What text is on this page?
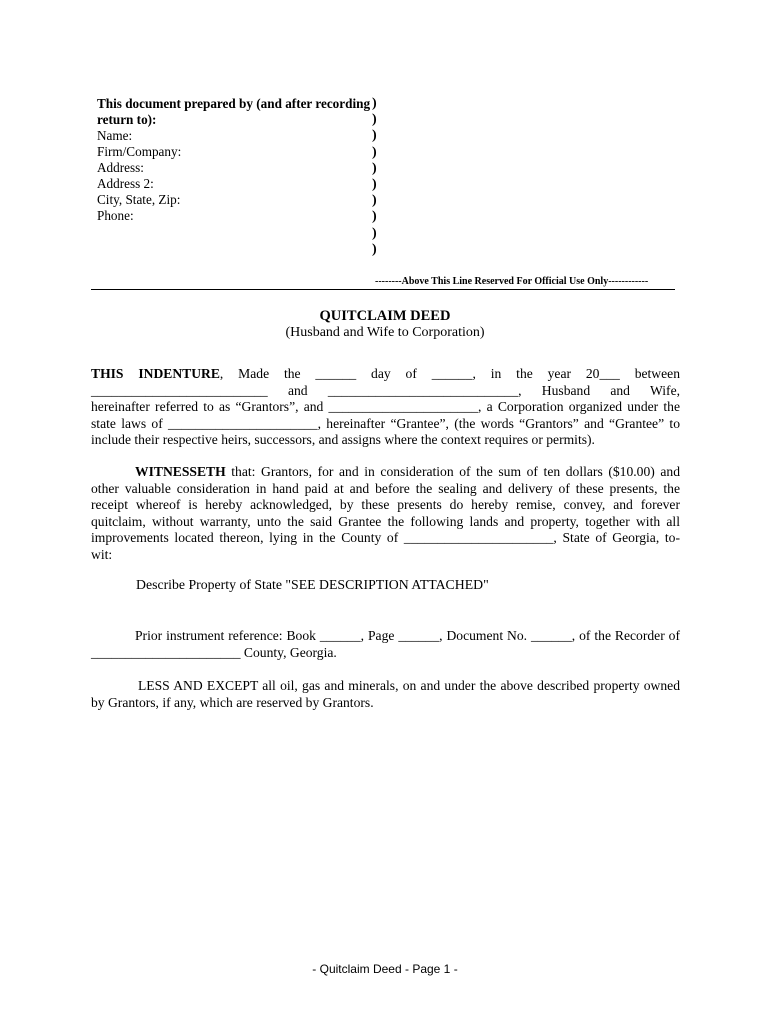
This document prepared by (and after recording
return to):
Name:
Firm/Company:
Address:
Address 2:
City, State, Zip:
Phone:
)
)
)
)
)
)
)
)
)
)
--------Above This Line Reserved For Official Use Only------------
QUITCLAIM DEED
(Husband and Wife to Corporation)
THIS INDENTURE, Made the ______ day of ______, in the year 20___ between
__________________________ and ____________________________, Husband and Wife,
hereinafter referred to as “Grantors”, and ______________________, a Corporation organized under the
state laws of ______________________, hereinafter “Grantee”, (the words “Grantors” and “Grantee” to
include their respective heirs, successors, and assigns where the context requires or permits).
WITNESSETH that: Grantors, for and in consideration of the sum of ten dollars ($10.00) and
other valuable consideration in hand paid at and before the sealing and delivery of these presents, the
receipt whereof is hereby acknowledged, by these presents do hereby remise, convey, and forever
quitclaim, without warranty, unto the said Grantee the following lands and property, together with all
improvements located thereon, lying in the County of ______________________, State of Georgia, to-
wit:
Describe Property of State "SEE DESCRIPTION ATTACHED"
Prior instrument reference: Book ______, Page ______, Document No. ______, of the Recorder of
______________________ County, Georgia.
LESS AND EXCEPT all oil, gas and minerals, on and under the above described property owned
by Grantors, if any, which are reserved by Grantors.
- Quitclaim Deed - Page 1 -
